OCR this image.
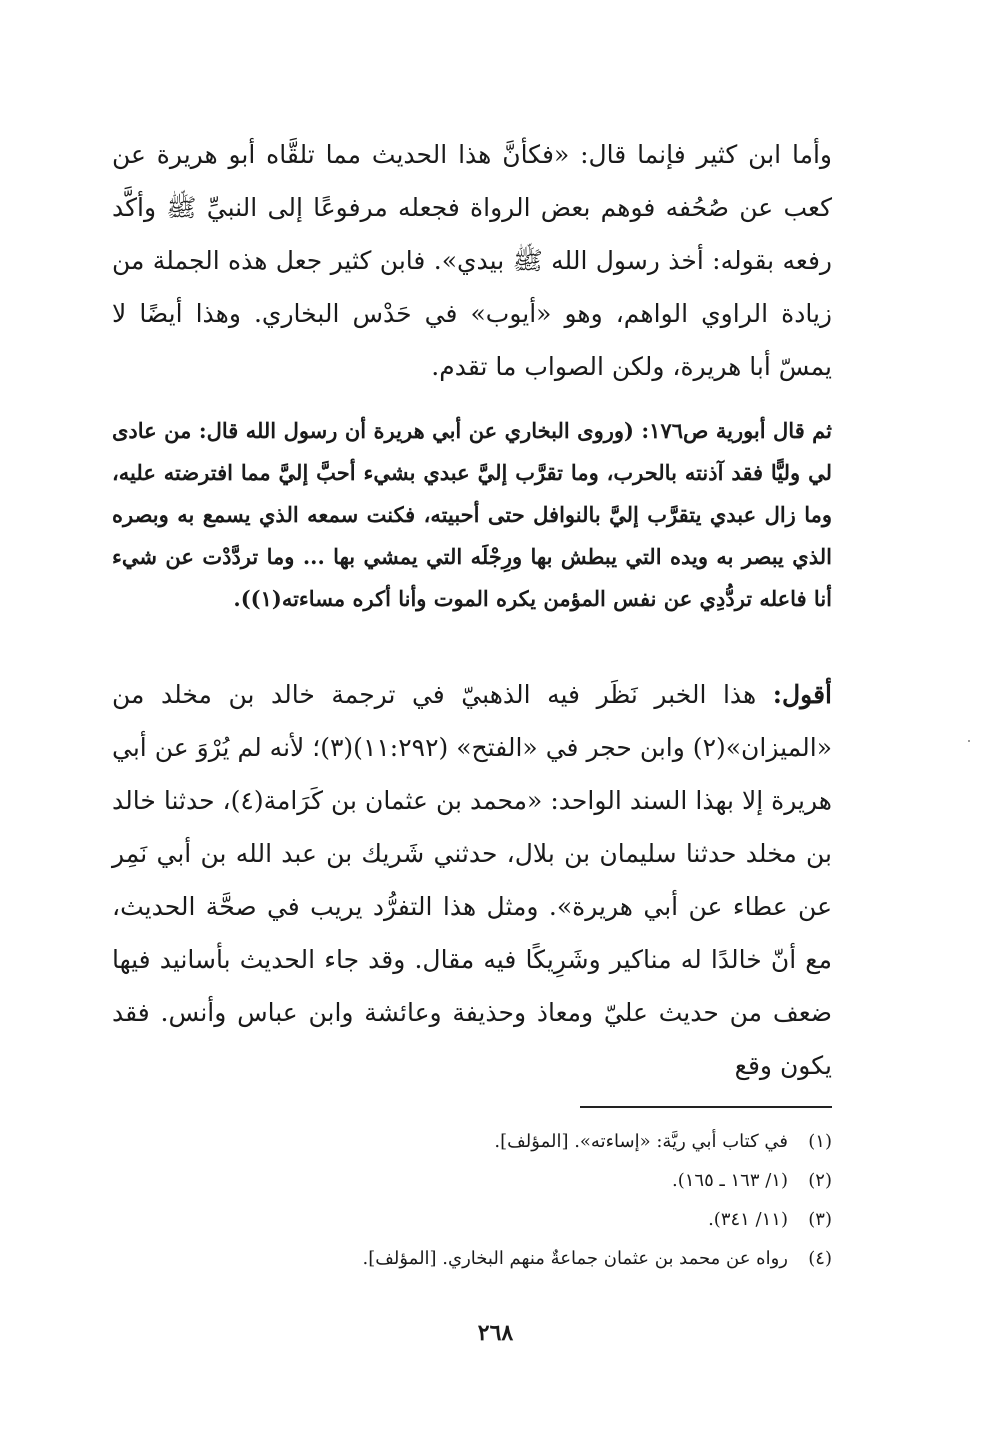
وأما ابن كثير فإنما قال: «فكأنَّ هذا الحديث مما تلقَّاه أبو هريرة عن كعب عن صُحُفه فوهم بعض الرواة فجعله مرفوعًا إلى النبيِّ ﷺ وأكَّد رفعه بقوله: أخذ رسول الله ﷺ بيدي». فابن كثير جعل هذه الجملة من زيادة الراوي الواهم، وهو «أيوب» في حَدْس البخاري. وهذا أيضًا لا يمسّ أبا هريرة، ولكن الصواب ما تقدم.

ثم قال أبورية ص١٧٦: (وروى البخاري عن أبي هريرة أن رسول الله قال: من عادى لي وليًّا فقد آذنته بالحرب، وما تقرَّب إليَّ عبدي بشيء أحبَّ إليَّ مما افترضته عليه، وما زال عبدي يتقرَّب إليَّ بالنوافل حتى أحبيته، فكنت سمعه الذي يسمع به وبصره الذي يبصر به ويده التي يبطش بها ورِجْلَه التي يمشي بها ... وما تردَّدْت عن شيء أنا فاعله تردُّدِي عن نفس المؤمن يكره الموت وأنا أكره مساءته(١)).

أقول: هذا الخبر نَظَر فيه الذهبيّ في ترجمة خالد بن مخلد من «الميزان»(٢) وابن حجر في «الفتح» (١١:٢٩٢)(٣)؛ لأنه لم يُرْوَ عن أبي هريرة إلا بهذا السند الواحد: «محمد بن عثمان بن كَرَامة(٤)، حدثنا خالد بن مخلد حدثنا سليمان بن بلال، حدثني شَريك بن عبد الله بن أبي نَمِر عن عطاء عن أبي هريرة». ومثل هذا التفرُّد يريب في صحَّة الحديث، مع أنّ خالدًا له مناكير وشَرِيكًا فيه مقال. وقد جاء الحديث بأسانيد فيها ضعف من حديث عليّ ومعاذ وحذيفة وعائشة وابن عباس وأنس. فقد يكون وقع

(١)في كتاب أبي ريَّة: «إساءته». [المؤلف].
(٢)(١/ ١٦٣ ـ ١٦٥).
(٣)(١١/ ٣٤١).
(٤)رواه عن محمد بن عثمان جماعةٌ منهم البخاري. [المؤلف].
٢٦٨
